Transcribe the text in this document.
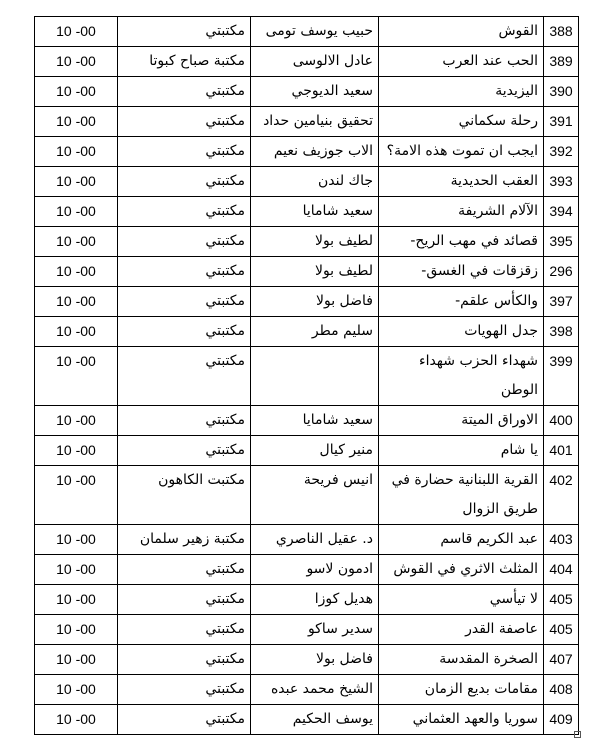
10 -00	مكتبتي	حبيب يوسف تومى	القوش	388
10 -00	مكتبة صباح كبوتا	عادل الالوسى	الحب عند العرب	389
10 -00	مكتبتي	سعيد الديوجي	اليزيدية	390
10 -00	مكتبتي	تحقيق بنيامين حداد	رحلة سكماني	391
10 -00	مكتبتي	الاب جوزيف نعيم	ايجب ان تموت هذه الامة؟	392
10 -00	مكتبتي	جاك لندن	العقب الحديدية	393
10 -00	مكتبتي	سعيد شامايا	الآلام الشريفة	394
10 -00	مكتبتي	لطيف بولا	قصائد في مهب الريح-	395
10 -00	مكتبتي	لطيف بولا	زقزقات في الغسق-	296
10 -00	مكتبتي	فاضل بولا	والكأس علقم-	397
10 -00	مكتبتي	سليم مطر	جدل الهويات	398
10 -00	مكتبتي		شهداء الحزب شهداء الوطن	399
10 -00	مكتبتي	سعيد شامايا	الاوراق الميتة	400
10 -00	مكتبتي	منير كيال	يا شام	401
10 -00	مكتبت الكاهون	انيس فريحة	القرية اللبنانية حضارة في طريق الزوال	402
10 -00	مكتبة زهير سلمان	د. عقيل الناصري	عبد الكريم قاسم	403
10 -00	مكتبتي	ادمون لاسو	المثلث الاثري في القوش	404
10 -00	مكتبتي	هديل كوزا	لا تيأسي	405
10 -00	مكتبتي	سدير ساكو	عاصفة القدر	405
10 -00	مكتبتي	فاضل بولا	الصخرة المقدسة	407
10 -00	مكتبتي	الشيخ محمد عبده	مقامات بديع الزمان	408
10 -00	مكتبتي	يوسف الحكيم	سوريا والعهد العثماني	409
